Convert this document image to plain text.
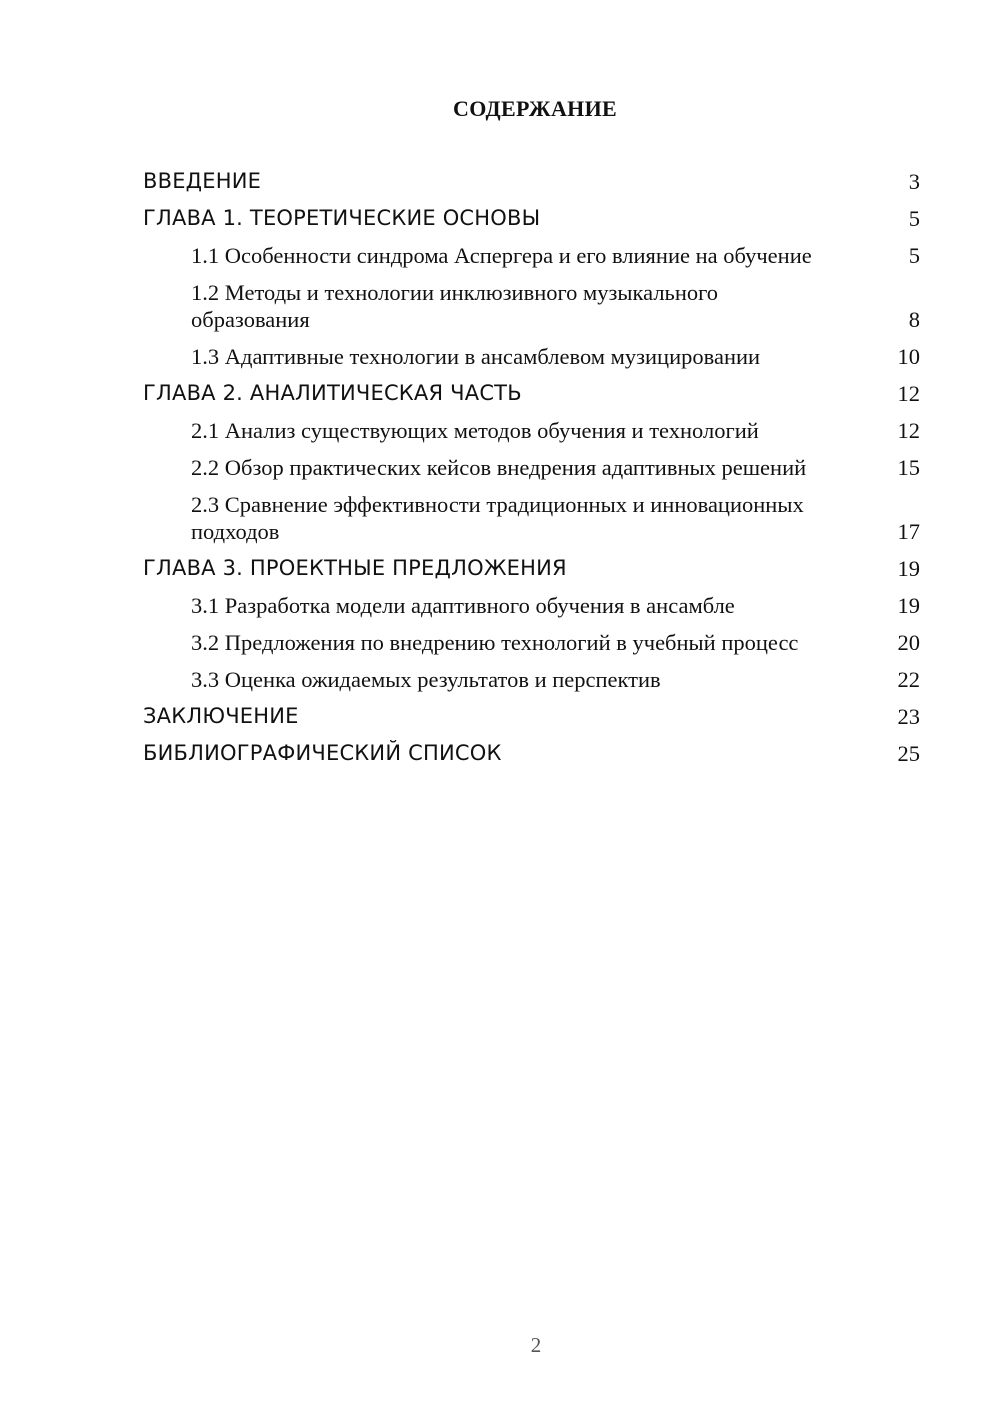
СОДЕРЖАНИЕ
ВВЕДЕНИЕ	3
ГЛАВА 1. ТЕОРЕТИЧЕСКИЕ ОСНОВЫ	5
1.1 Особенности синдрома Аспергера и его влияние на обучение	5
1.2 Методы и технологии инклюзивного музыкального образования	8
1.3 Адаптивные технологии в ансамблевом музицировании	10
ГЛАВА 2. АНАЛИТИЧЕСКАЯ ЧАСТЬ	12
2.1 Анализ существующих методов обучения и технологий	12
2.2 Обзор практических кейсов внедрения адаптивных решений	15
2.3 Сравнение эффективности традиционных и инновационных подходов	17
ГЛАВА 3. ПРОЕКТНЫЕ ПРЕДЛОЖЕНИЯ	19
3.1 Разработка модели адаптивного обучения в ансамбле	19
3.2 Предложения по внедрению технологий в учебный процесс	20
3.3 Оценка ожидаемых результатов и перспектив	22
ЗАКЛЮЧЕНИЕ	23
БИБЛИОГРАФИЧЕСКИЙ СПИСОК	25
2
